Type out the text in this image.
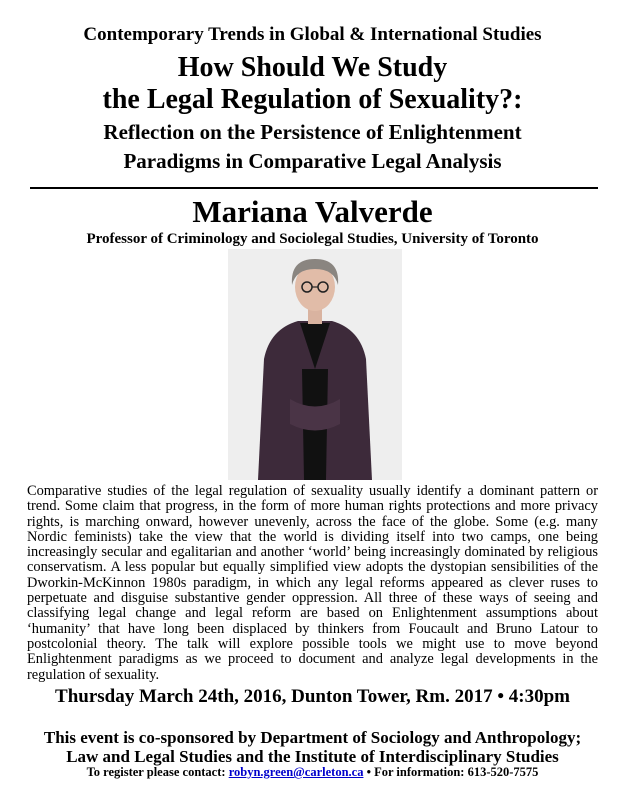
Contemporary Trends in Global & International Studies
How Should We Study
the Legal Regulation of Sexuality?:
Reflection on the Persistence of Enlightenment
Paradigms in Comparative Legal Analysis
Mariana Valverde
Professor of Criminology and Sociolegal Studies, University of Toronto
Comparative studies of the legal regulation of sexuality usually identify a dominant pattern or trend. Some claim that progress, in the form of more human rights protections and more privacy rights, is marching onward, however unevenly, across the face of the globe. Some (e.g. many Nordic feminists) take the view that the world is dividing itself into two camps, one being increasingly secular and egalitarian and another ‘world’ being increasingly dominated by religious conservatism. A less popular but equally simplified view adopts the dystopian sensibilities of the Dworkin-McKinnon 1980s paradigm, in which any legal reforms appeared as clever ruses to perpetuate and disguise substantive gender oppression. All three of these ways of seeing and classifying legal change and legal reform are based on Enlightenment assumptions about ‘humanity’ that have long been displaced by thinkers from Foucault and Bruno Latour to postcolonial theory. The talk will explore possible tools we might use to move beyond Enlightenment paradigms as we proceed to document and analyze legal developments in the regulation of sexuality.
Thursday March 24th, 2016, Dunton Tower, Rm. 2017 • 4:30pm
This event is co-sponsored by Department of Sociology and Anthropology;
Law and Legal Studies and the Institute of Interdisciplinary Studies
To register please contact: robyn.green@carleton.ca • For information: 613-520-7575
